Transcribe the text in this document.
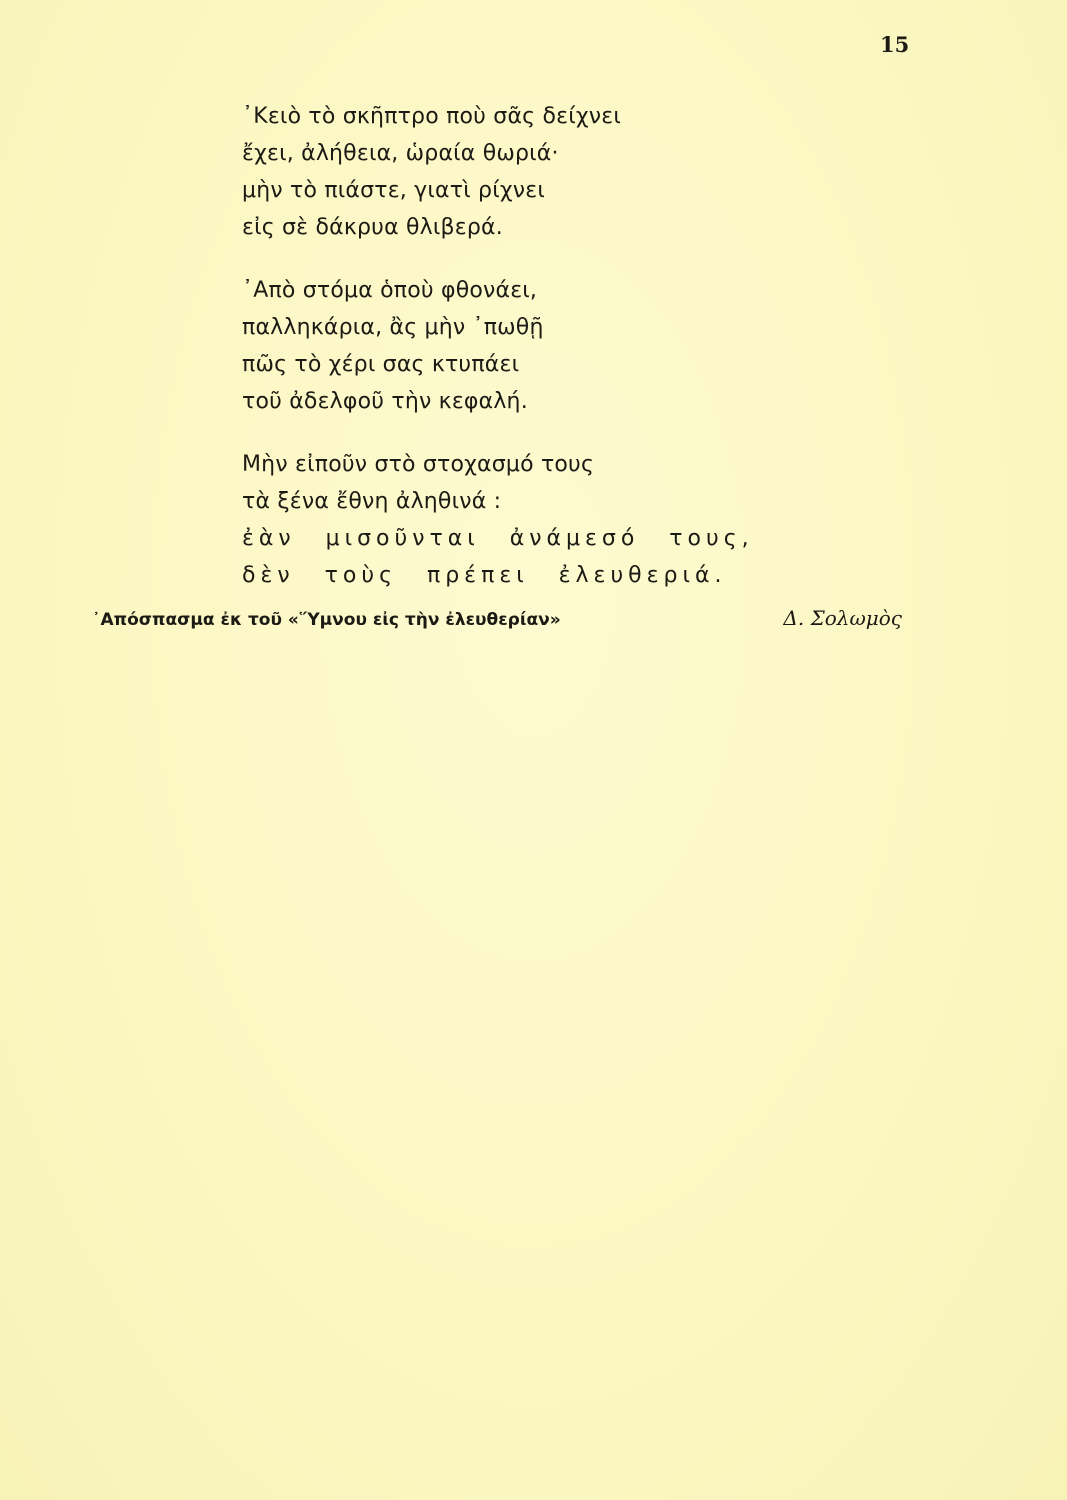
15
᾿Κειὸ τὸ σκῆπτρο ποὺ σᾶς δείχνει
ἔχει, ἀλήθεια, ὡραία θωριά·
μὴν τὸ πιάστε, γιατὶ ρίχνει
εἰς σὲ δάκρυα θλιβερά.
᾿Απὸ στόμα ὁποὺ φθονάει,
παλληκάρια, ἂς μὴν ᾿πωθῇ
πῶς τὸ χέρι σας κτυπάει
τοῦ ἀδελφοῦ τὴν κεφαλή.
Μὴν εἰποῦν στὸ στοχασμό τους
τὰ ξένα ἔθνη ἀληθινά :
ἐὰν μισοῦνται ἀνάμεσό τους,
δὲν τοὺς πρέπει ἐλευθεριά.
᾿Απόσπασμα ἐκ τοῦ «῞Υμνου εἰς τὴν ἐλευθερίαν»	Δ. Σολωμὸς
